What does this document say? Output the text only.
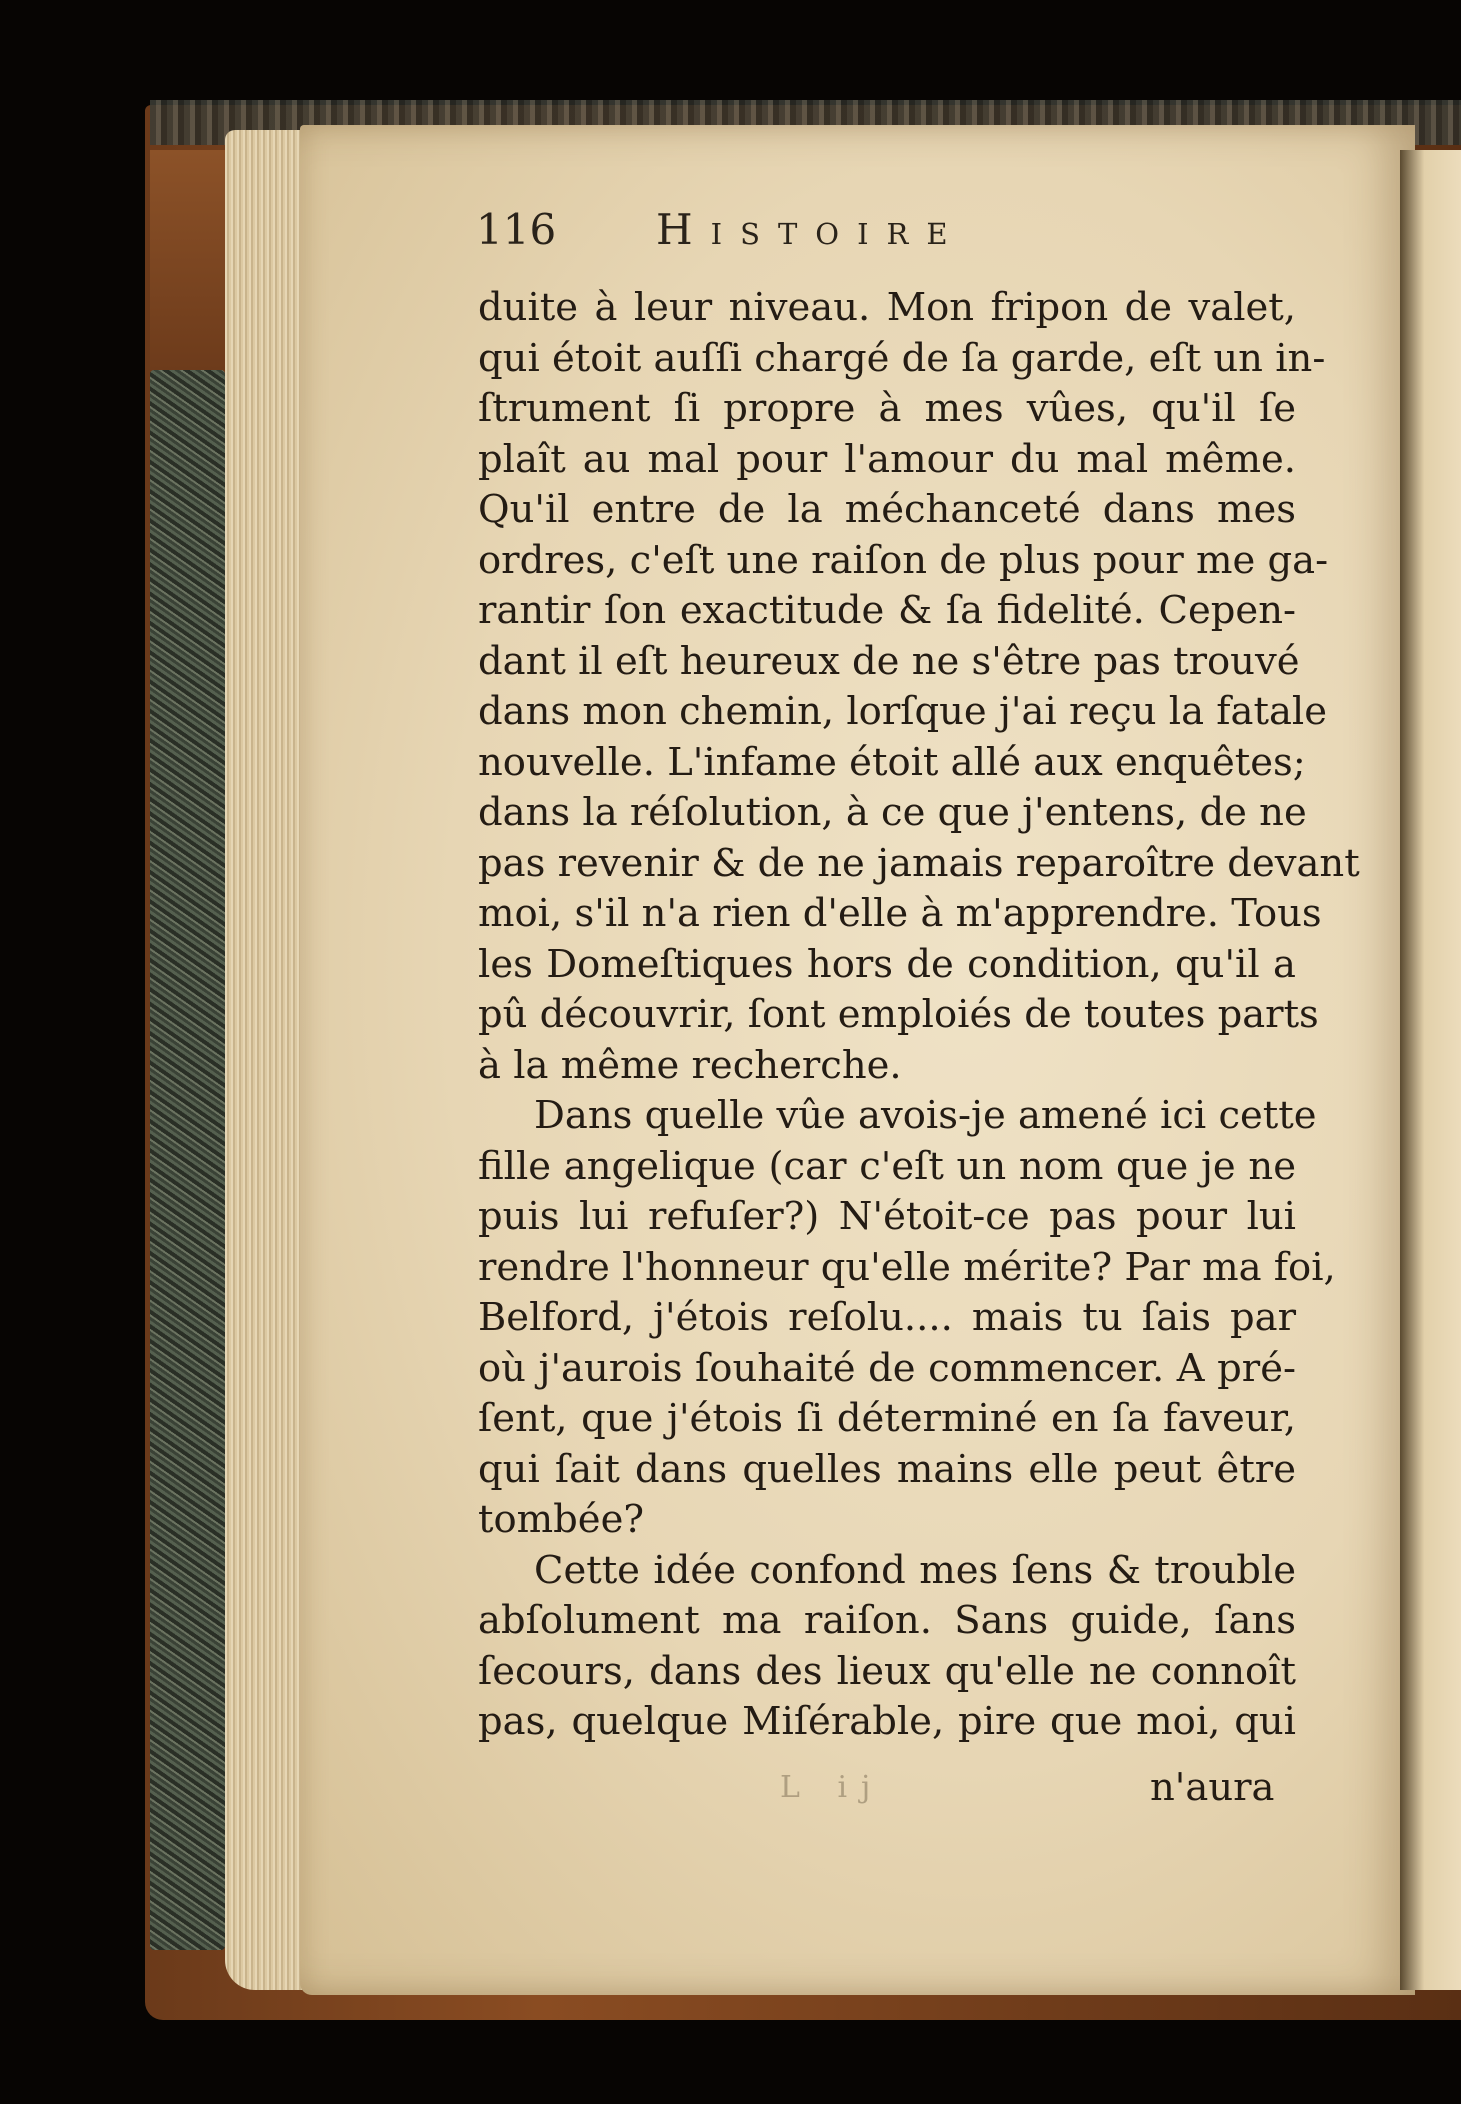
116 Histoire
duite à leur niveau. Mon fripon de valet,
qui étoit auſſi chargé de ſa garde, eſt un in-
ſtrument ſi propre à mes vûes, qu'il ſe
plaît au mal pour l'amour du mal même.
Qu'il entre de la méchanceté dans mes
ordres, c'eſt une raiſon de plus pour me ga-
rantir ſon exactitude & ſa fidelité. Cepen-
dant il eſt heureux de ne s'être pas trouvé
dans mon chemin, lorſque j'ai reçu la fatale
nouvelle. L'infame étoit allé aux enquêtes;
dans la réſolution, à ce que j'entens, de ne
pas revenir & de ne jamais reparoître devant
moi, s'il n'a rien d'elle à m'apprendre. Tous
les Domeſtiques hors de condition, qu'il a
pû découvrir, ſont emploiés de toutes parts
à la même recherche.
Dans quelle vûe avois-je amené ici cette
fille angelique (car c'eſt un nom que je ne
puis lui refuſer?) N'étoit-ce pas pour lui
rendre l'honneur qu'elle mérite? Par ma foi,
Belford, j'étois reſolu.... mais tu ſais par
où j'aurois ſouhaité de commencer. A pré-
ſent, que j'étois ſi déterminé en ſa faveur,
qui ſait dans quelles mains elle peut être
tombée?
Cette idée confond mes ſens & trouble
abſolument ma raiſon. Sans guide, ſans
ſecours, dans des lieux qu'elle ne connoît
pas, quelque Miſérable, pire que moi, qui
L ij	n'aura
